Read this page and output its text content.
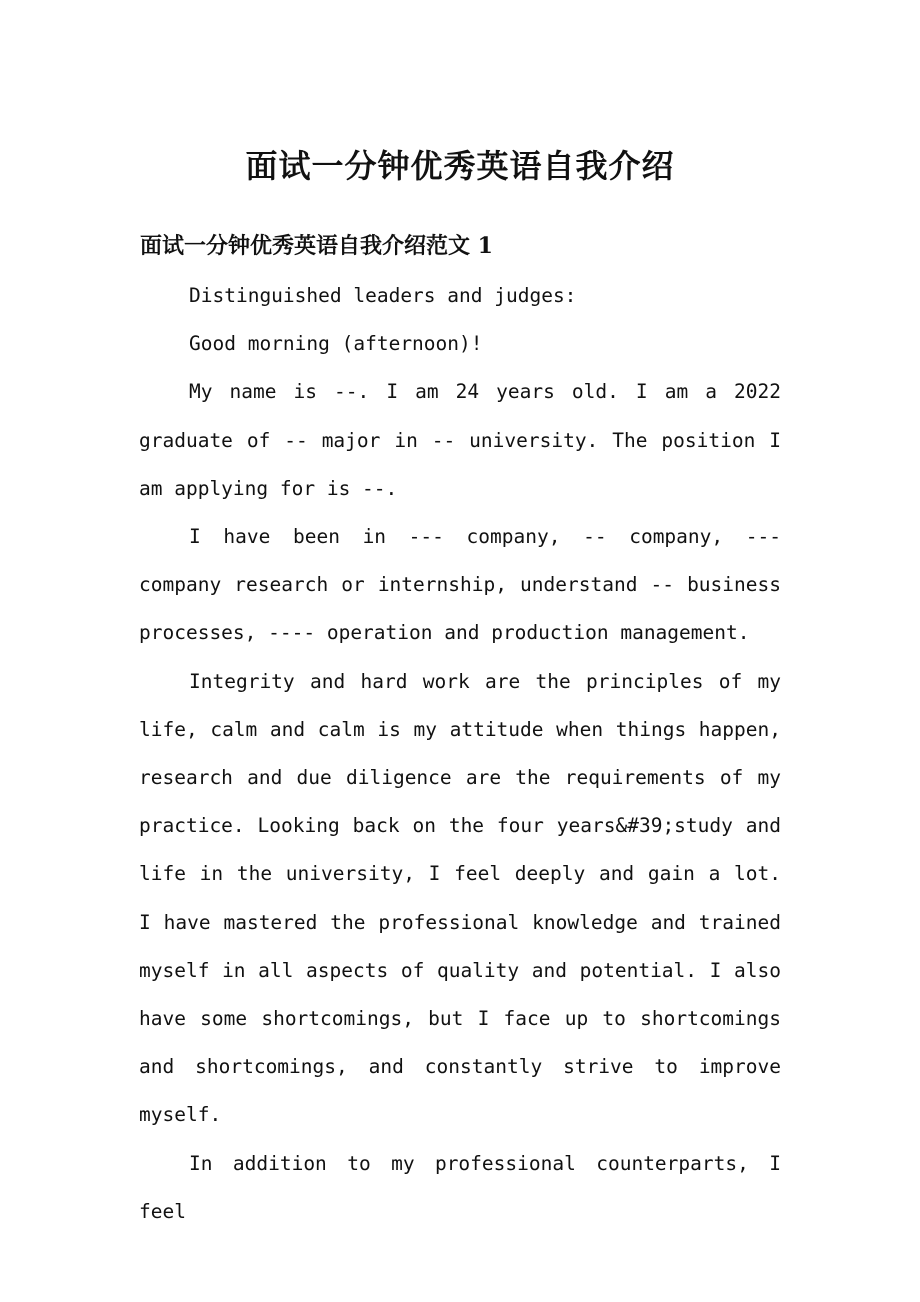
面试一分钟优秀英语自我介绍
面试一分钟优秀英语自我介绍范文 1

Distinguished leaders and judges:

Good morning (afternoon)!

My name is --. I am 24 years old. I am a 2022 graduate of -- major in -- university. The position I am applying for is --.

I have been in --- company, -- company, --- company research or internship, understand -- business processes, ---- operation and production management.

Integrity and hard work are the principles of my life, calm and calm is my attitude when things happen, research and due diligence are the requirements of my practice. Looking back on the four years&#39;study and life in the university, I feel deeply and gain a lot. I have mastered the professional knowledge and trained myself in all aspects of quality and potential. I also have some shortcomings, but I face up to shortcomings and shortcomings, and constantly strive to improve myself.

In addition to my professional counterparts, I feel
